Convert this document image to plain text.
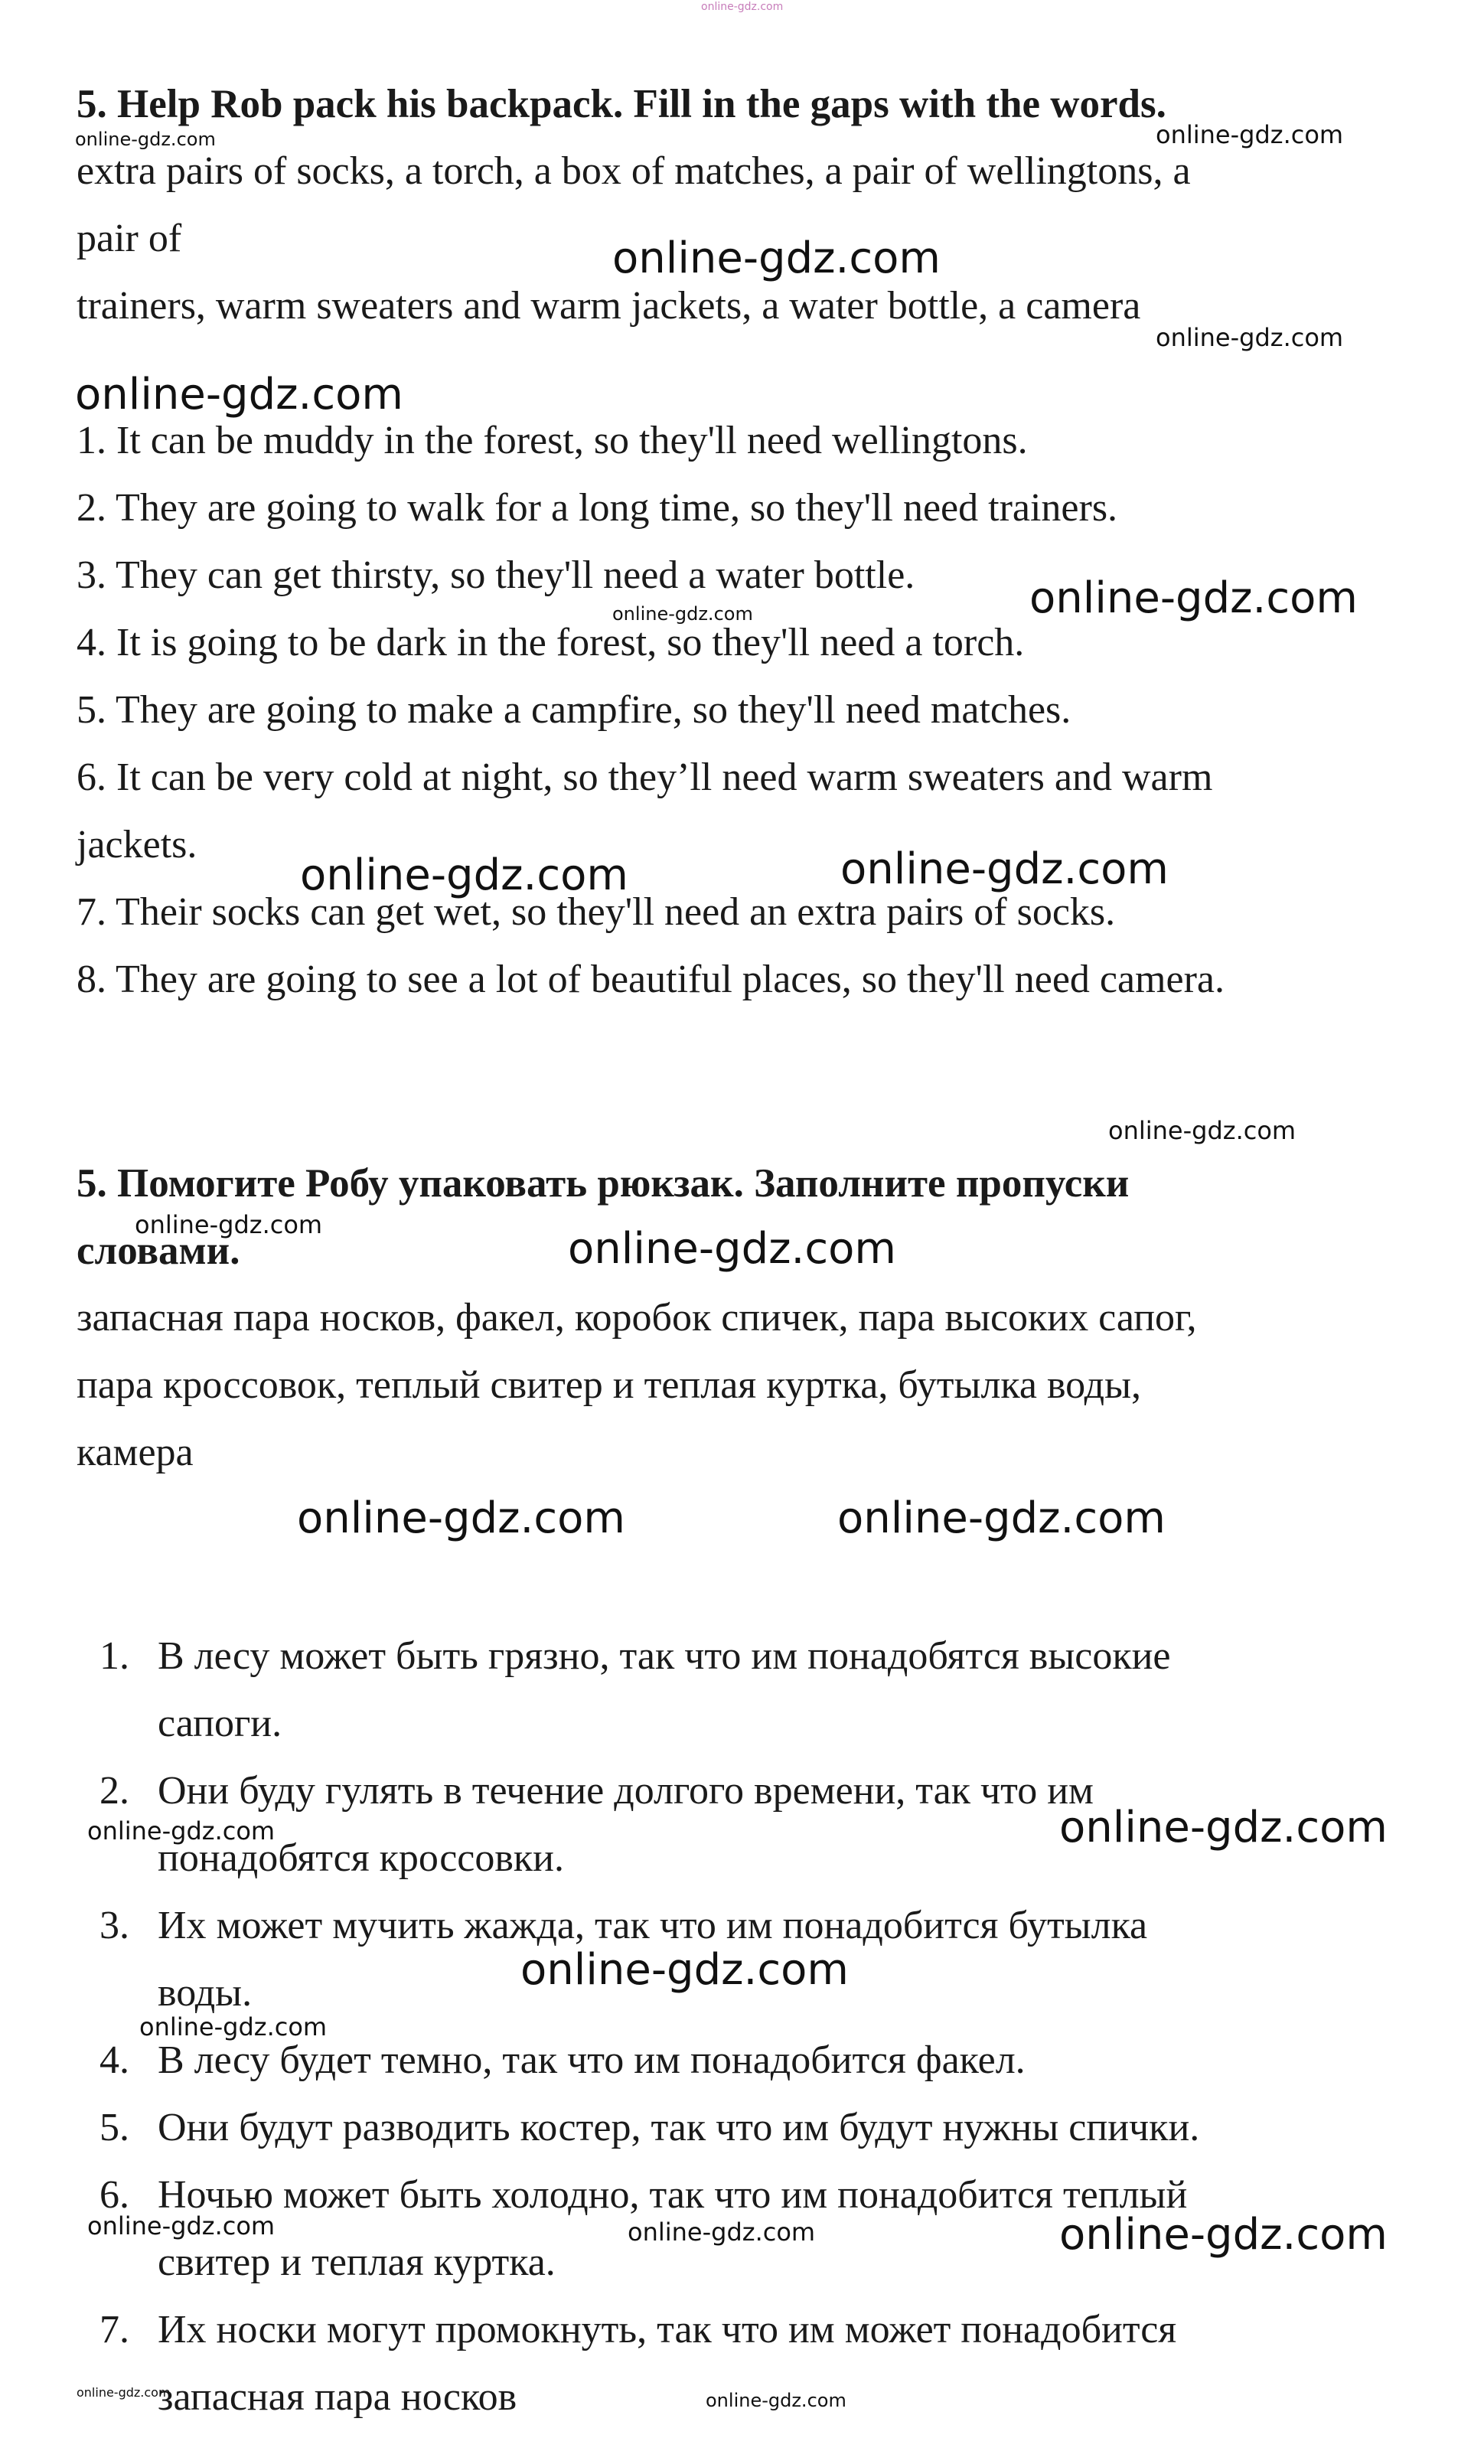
5. Help Rob pack his backpack. Fill in the gaps with the words.
extra pairs of socks, a torch, a box of matches, a pair of wellingtons, a
pair of
trainers, warm sweaters and warm jackets, a water bottle, a camera
1. It can be muddy in the forest, so they'll need wellingtons.
2. They are going to walk for a long time, so they'll need trainers.
3. They can get thirsty, so they'll need a water bottle.
4. It is going to be dark in the forest, so they'll need a torch.
5. They are going to make a campfire, so they'll need matches.
6. It can be very cold at night, so they’ll need warm sweaters and warm
jackets.
7. Their socks can get wet, so they'll need an extra pairs of socks.
8. They are going to see a lot of beautiful places, so they'll need camera.
5. Помогите Робу упаковать рюкзак. Заполните пропуски
словами.
запасная пара носков, факел, коробок спичек, пара высоких сапог,
пара кроссовок, теплый свитер и теплая куртка, бутылка воды,
камера
1. В лесу может быть грязно, так что им понадобятся высокие
сапоги.
2. Они буду гулять в течение долгого времени, так что им
понадобятся кроссовки.
3. Их может мучить жажда, так что им понадобится бутылка
воды.
4. В лесу будет темно, так что им понадобится факел.
5. Они будут разводить костер, так что им будут нужны спички.
6. Ночью может быть холодно, так что им понадобится теплый
свитер и теплая куртка.
7. Их носки могут промокнуть, так что им может понадобится
запасная пара носков
online-gdz.com
online-gdz.com
online-gdz.com
online-gdz.com
online-gdz.com
online-gdz.com
online-gdz.com
online-gdz.com
online-gdz.com	online-gdz.com
online-gdz.com
online-gdz.com	online-gdz.com
online-gdz.com	online-gdz.com
online-gdz.com	online-gdz.com
online-gdz.com
online-gdz.com
online-gdz.com	online-gdz.com	online-gdz.com
online-gdz.com	online-gdz.com
